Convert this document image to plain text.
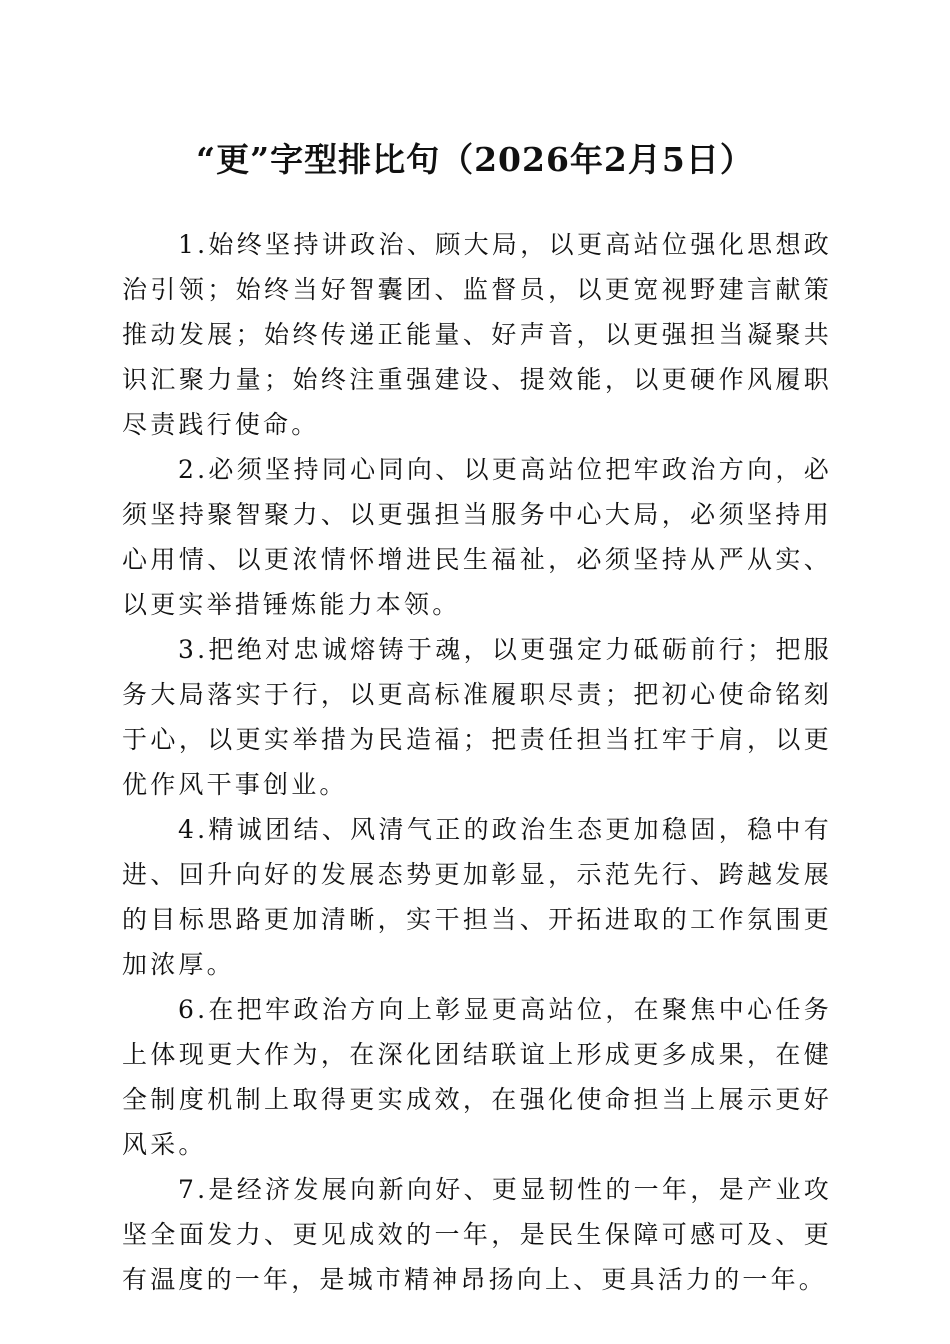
“更”字型排比句（2026年2月5日）

1.始终坚持讲政治、顾大局，以更高站位强化思想政治引领；始终当好智囊团、监督员，以更宽视野建言献策推动发展；始终传递正能量、好声音，以更强担当凝聚共识汇聚力量；始终注重强建设、提效能，以更硬作风履职尽责践行使命。

2.必须坚持同心同向、以更高站位把牢政治方向，必须坚持聚智聚力、以更强担当服务中心大局，必须坚持用心用情、以更浓情怀增进民生福祉，必须坚持从严从实、以更实举措锤炼能力本领。

3.把绝对忠诚熔铸于魂，以更强定力砥砺前行；把服务大局落实于行，以更高标准履职尽责；把初心使命铭刻于心，以更实举措为民造福；把责任担当扛牢于肩，以更优作风干事创业。

4.精诚团结、风清气正的政治生态更加稳固，稳中有进、回升向好的发展态势更加彰显，示范先行、跨越发展的目标思路更加清晰，实干担当、开拓进取的工作氛围更加浓厚。

6.在把牢政治方向上彰显更高站位，在聚焦中心任务上体现更大作为，在深化团结联谊上形成更多成果，在健全制度机制上取得更实成效，在强化使命担当上展示更好风采。

7.是经济发展向新向好、更显韧性的一年，是产业攻坚全面发力、更见成效的一年，是民生保障可感可及、更有温度的一年，是城市精神昂扬向上、更具活力的一年。
